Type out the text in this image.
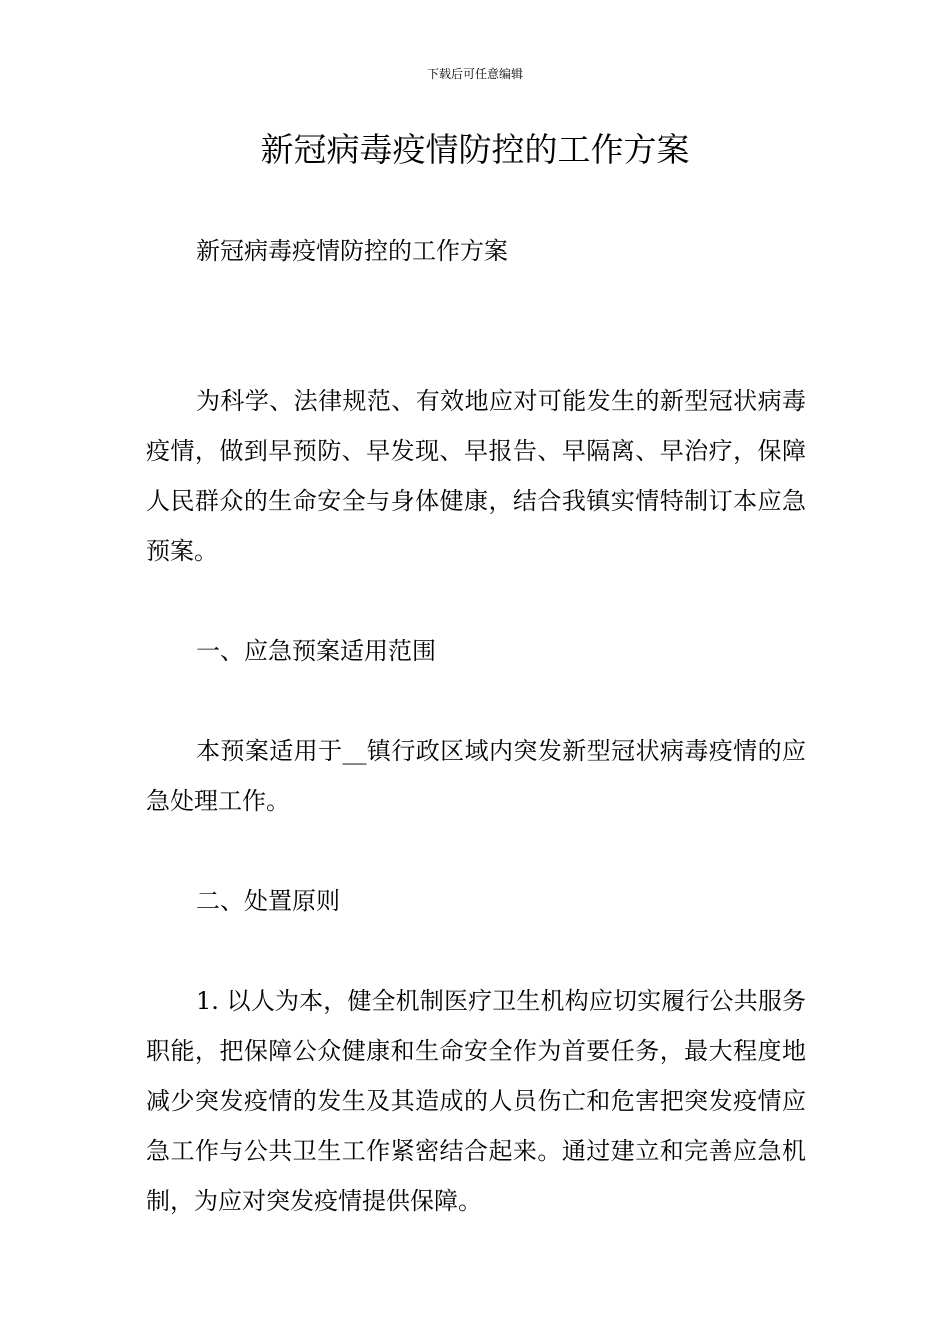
下载后可任意编辑
新冠病毒疫情防控的工作方案

新冠病毒疫情防控的工作方案

为科学、法律规范、有效地应对可能发生的新型冠状病毒疫情，做到早预防、早发现、早报告、早隔离、早治疗，保障人民群众的生命安全与身体健康，结合我镇实情特制订本应急预案。

一、应急预案适用范围

本预案适用于__镇行政区域内突发新型冠状病毒疫情的应急处理工作。

二、处置原则

1. 以人为本，健全机制医疗卫生机构应切实履行公共服务职能，把保障公众健康和生命安全作为首要任务，最大程度地减少突发疫情的发生及其造成的人员伤亡和危害把突发疫情应急工作与公共卫生工作紧密结合起来。通过建立和完善应急机制，为应对突发疫情提供保障。
